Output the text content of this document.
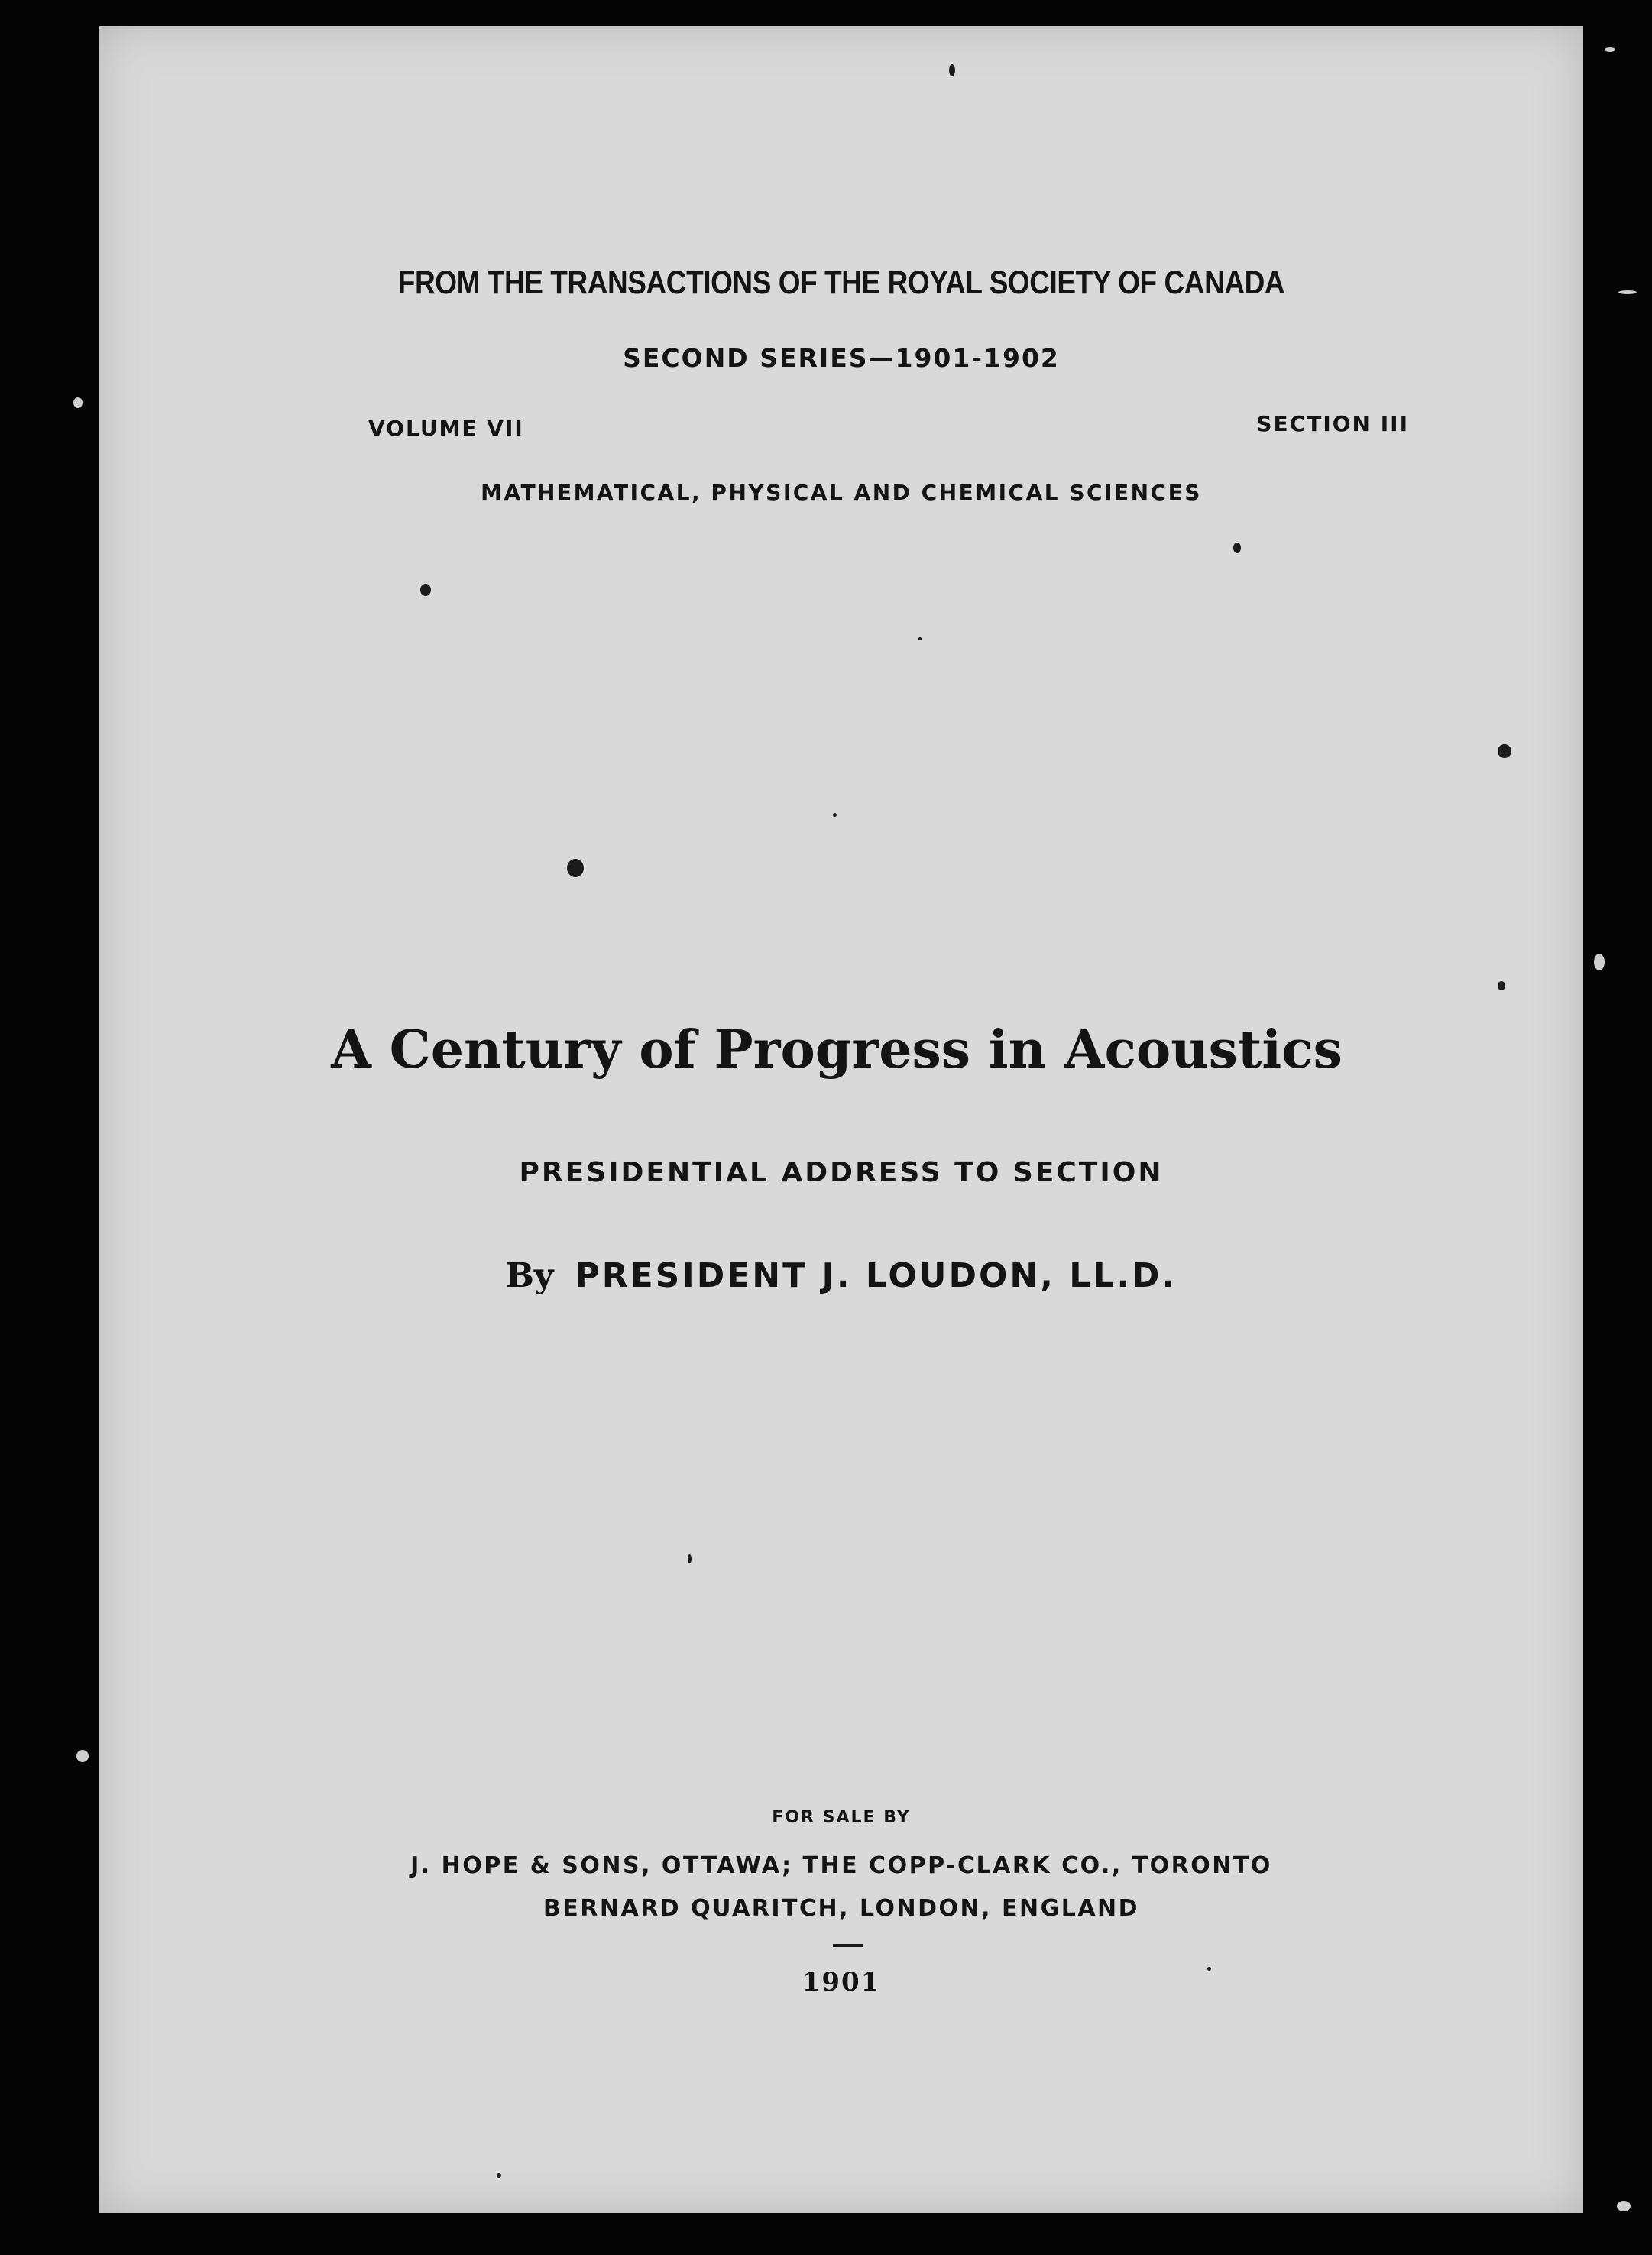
FROM THE TRANSACTIONS OF THE ROYAL SOCIETY OF CANADA
SECOND SERIES—1901-1902
VOLUME VII	SECTION III
MATHEMATICAL, PHYSICAL AND CHEMICAL SCIENCES
A Century of Progress in Acoustics
PRESIDENTIAL ADDRESS TO SECTION
By PRESIDENT J. LOUDON, LL.D.
FOR SALE BY
J. HOPE & SONS, OTTAWA; THE COPP-CLARK CO., TORONTO
BERNARD QUARITCH, LONDON, ENGLAND
1901
